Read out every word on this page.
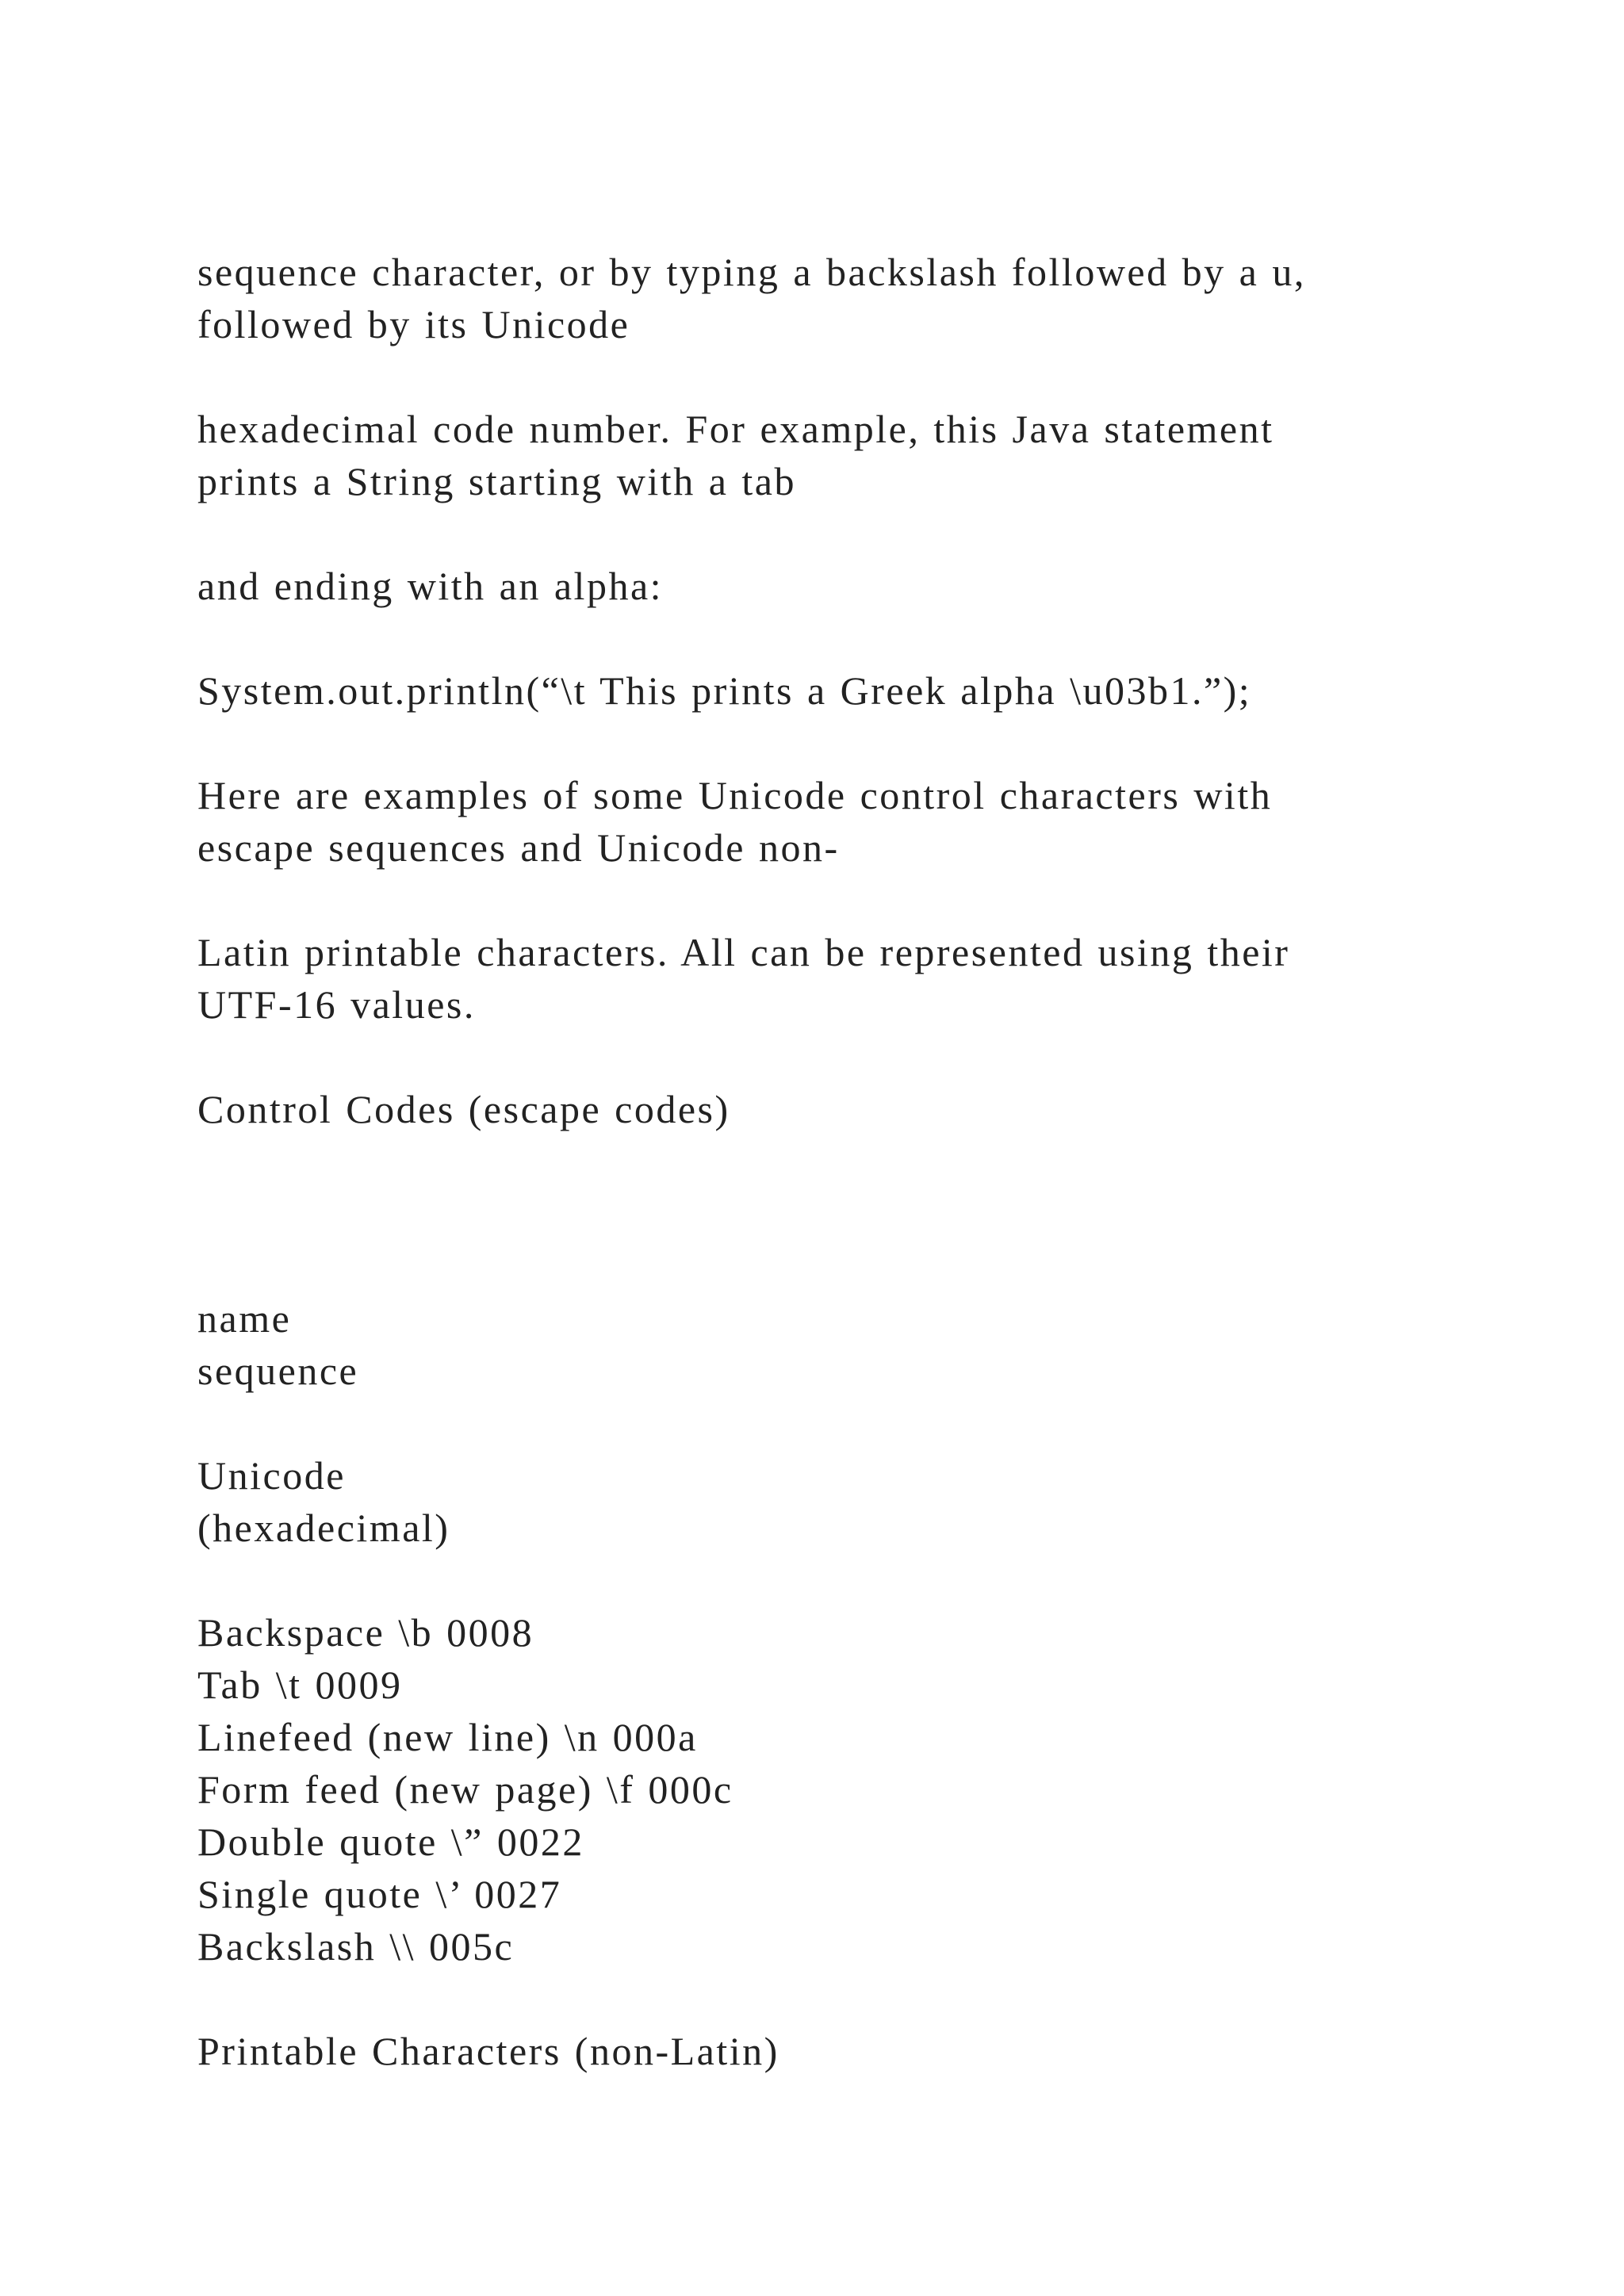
sequence character, or by typing a backslash followed by a u,
followed by its Unicode
hexadecimal code number. For example, this Java statement
prints a String starting with a tab
and ending with an alpha:
System.out.println(“\t This prints a Greek alpha \u03b1.”);
Here are examples of some Unicode control characters with
escape sequences and Unicode non-
Latin printable characters. All can be represented using their
UTF-16 values.
Control Codes (escape codes)
name
sequence
Unicode
(hexadecimal)
Backspace \b 0008
Tab \t 0009
Linefeed (new line) \n 000a
Form feed (new page) \f 000c
Double quote \” 0022
Single quote \’ 0027
Backslash \\ 005c
Printable Characters (non-Latin)
